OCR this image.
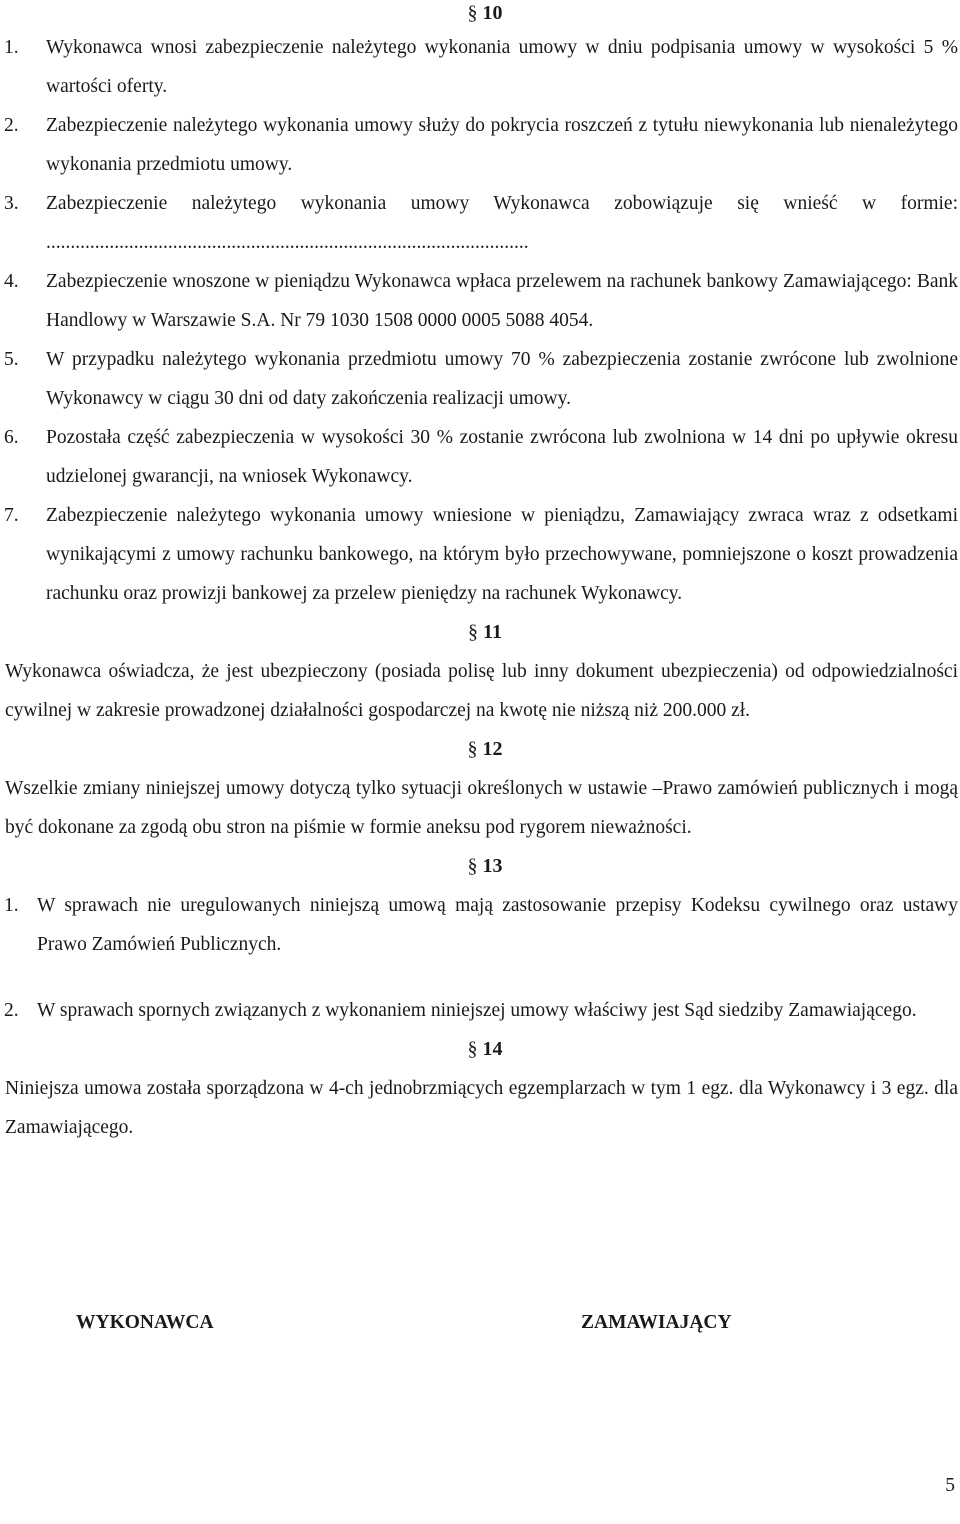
§ 10
1.	Wykonawca wnosi zabezpieczenie należytego wykonania umowy w dniu podpisania umowy w wysokości 5 % wartości oferty.
2.	Zabezpieczenie należytego wykonania umowy służy do pokrycia roszczeń z tytułu niewykonania lub nienależytego wykonania przedmiotu umowy.
3.	Zabezpieczenie należytego wykonania umowy Wykonawca zobowiązuje się wnieść w formie: ...................................................................................................
4.	Zabezpieczenie wnoszone w pieniądzu Wykonawca wpłaca przelewem na rachunek bankowy Zamawiającego: Bank Handlowy w Warszawie S.A. Nr 79 1030 1508 0000 0005 5088 4054.
5.	W przypadku należytego wykonania przedmiotu umowy 70 % zabezpieczenia zostanie zwrócone lub zwolnione Wykonawcy w ciągu 30 dni od daty zakończenia realizacji umowy.
6.	Pozostała część zabezpieczenia w wysokości 30 % zostanie zwrócona lub zwolniona w 14 dni po upływie okresu udzielonej gwarancji, na wniosek Wykonawcy.
7.	Zabezpieczenie należytego wykonania umowy wniesione w pieniądzu, Zamawiający zwraca wraz z odsetkami wynikającymi z umowy rachunku bankowego, na którym było przechowywane, pomniejszone o koszt prowadzenia rachunku oraz prowizji bankowej za przelew pieniędzy na rachunek Wykonawcy.
§ 11
Wykonawca oświadcza, że jest ubezpieczony (posiada polisę lub inny dokument ubezpieczenia) od odpowiedzialności cywilnej w zakresie prowadzonej działalności gospodarczej na kwotę nie niższą niż 200.000 zł.
§ 12
Wszelkie zmiany niniejszej umowy dotyczą tylko sytuacji określonych w ustawie –Prawo zamówień publicznych i mogą być dokonane za zgodą obu stron na piśmie w formie aneksu pod rygorem nieważności.
§ 13
1. W sprawach nie uregulowanych niniejszą umową mają zastosowanie przepisy Kodeksu cywilnego oraz ustawy Prawo Zamówień Publicznych.
2. W sprawach spornych związanych z wykonaniem niniejszej umowy właściwy jest Sąd siedziby Zamawiającego.
§ 14
Niniejsza umowa została sporządzona w 4-ch jednobrzmiących egzemplarzach w tym 1 egz. dla Wykonawcy i 3 egz. dla Zamawiającego.
WYKONAWCA	ZAMAWIAJĄCY
5
